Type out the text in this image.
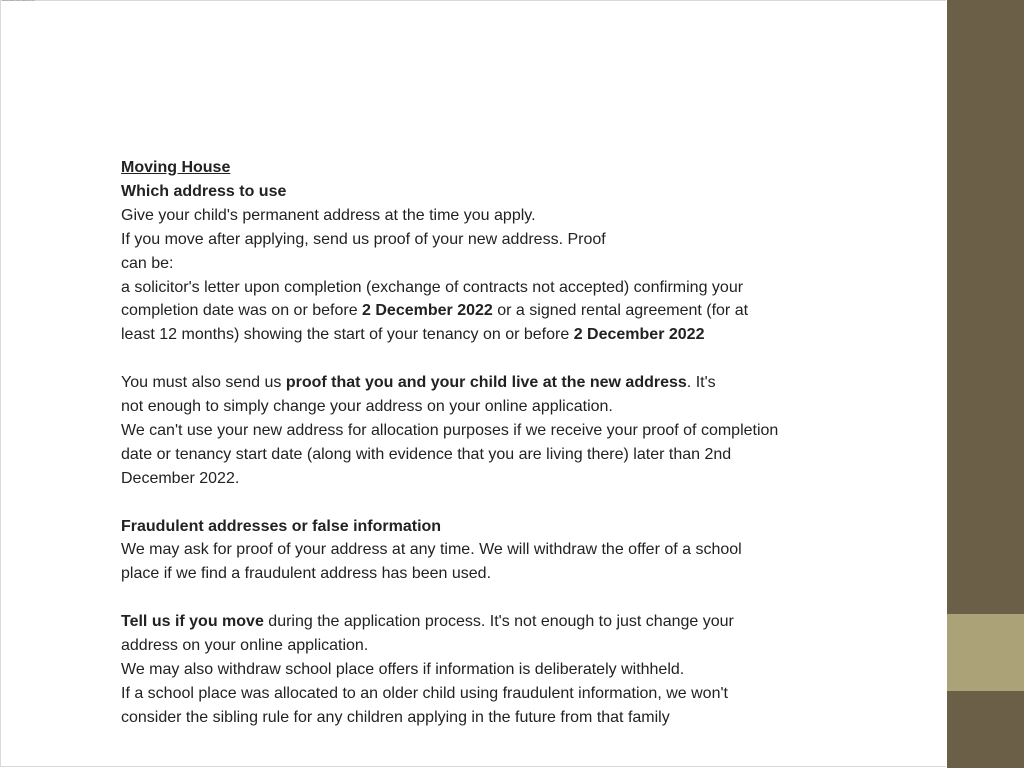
Moving House Which address to use
Moving House
Which address to use
Give your child's permanent address at the time you apply.
If you move after applying, send us proof of your new address. Proof
can be:
a solicitor's letter upon completion (exchange of contracts not accepted) confirming your
completion date was on or before 2 December 2022 or a signed rental agreement (for at
least 12 months) showing the start of your tenancy on or before 2 December 2022
You must also send us proof that you and your child live at the new address. It's
not enough to simply change your address on your online application.
We can't use your new address for allocation purposes if we receive your proof of completion
date or tenancy start date (along with evidence that you are living there) later than 2nd
December 2022.
Fraudulent addresses or false information
We may ask for proof of your address at any time. We will withdraw the offer of a school
place if we find a fraudulent address has been used.
Tell us if you move during the application process. It's not enough to just change your
address on your online application.
We may also withdraw school place offers if information is deliberately withheld.
If a school place was allocated to an older child using fraudulent information, we won't
consider the sibling rule for any children applying in the future from that family
